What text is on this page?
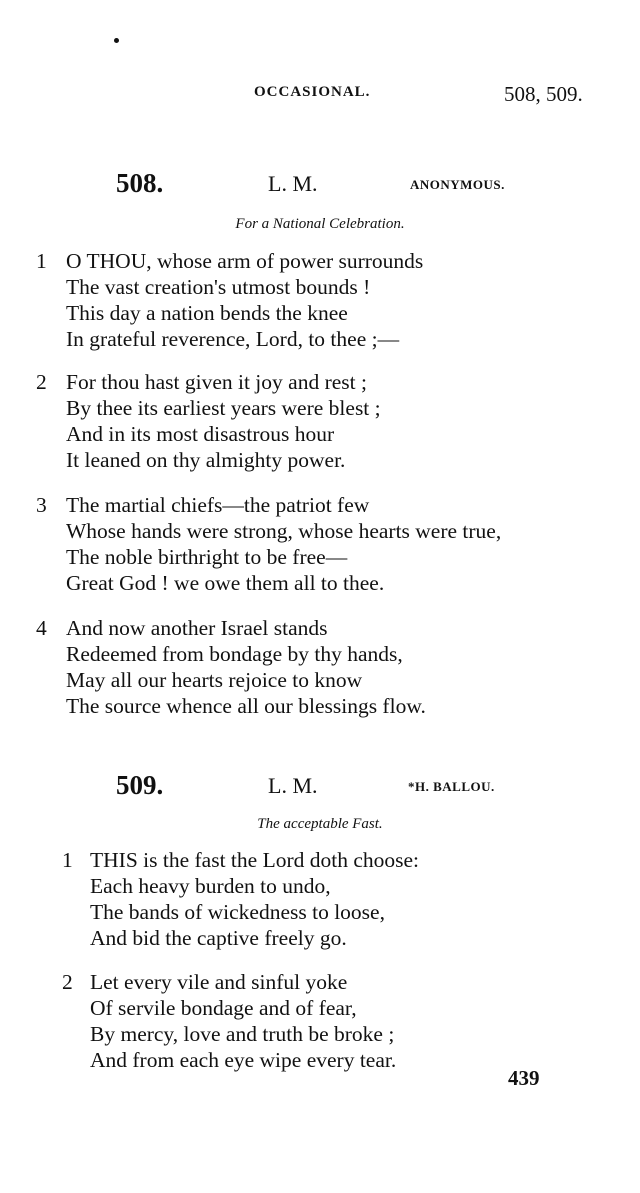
OCCASIONAL.	508, 509.
508.	L. M.	ANONYMOUS.
For a National Celebration.
1 O THOU, whose arm of power surrounds
The vast creation's utmost bounds !
This day a nation bends the knee
In grateful reverence, Lord, to thee ;—
2 For thou hast given it joy and rest ;
By thee its earliest years were blest ;
And in its most disastrous hour
It leaned on thy almighty power.
3 The martial chiefs—the patriot few
Whose hands were strong, whose hearts were true,
The noble birthright to be free—
Great God ! we owe them all to thee.
4 And now another Israel stands
Redeemed from bondage by thy hands,
May all our hearts rejoice to know
The source whence all our blessings flow.
509.	L. M.	*H. BALLOU.
The acceptable Fast.
1 THIS is the fast the Lord doth choose:
Each heavy burden to undo,
The bands of wickedness to loose,
And bid the captive freely go.
2 Let every vile and sinful yoke
Of servile bondage and of fear,
By mercy, love and truth be broke ;
And from each eye wipe every tear.
439
